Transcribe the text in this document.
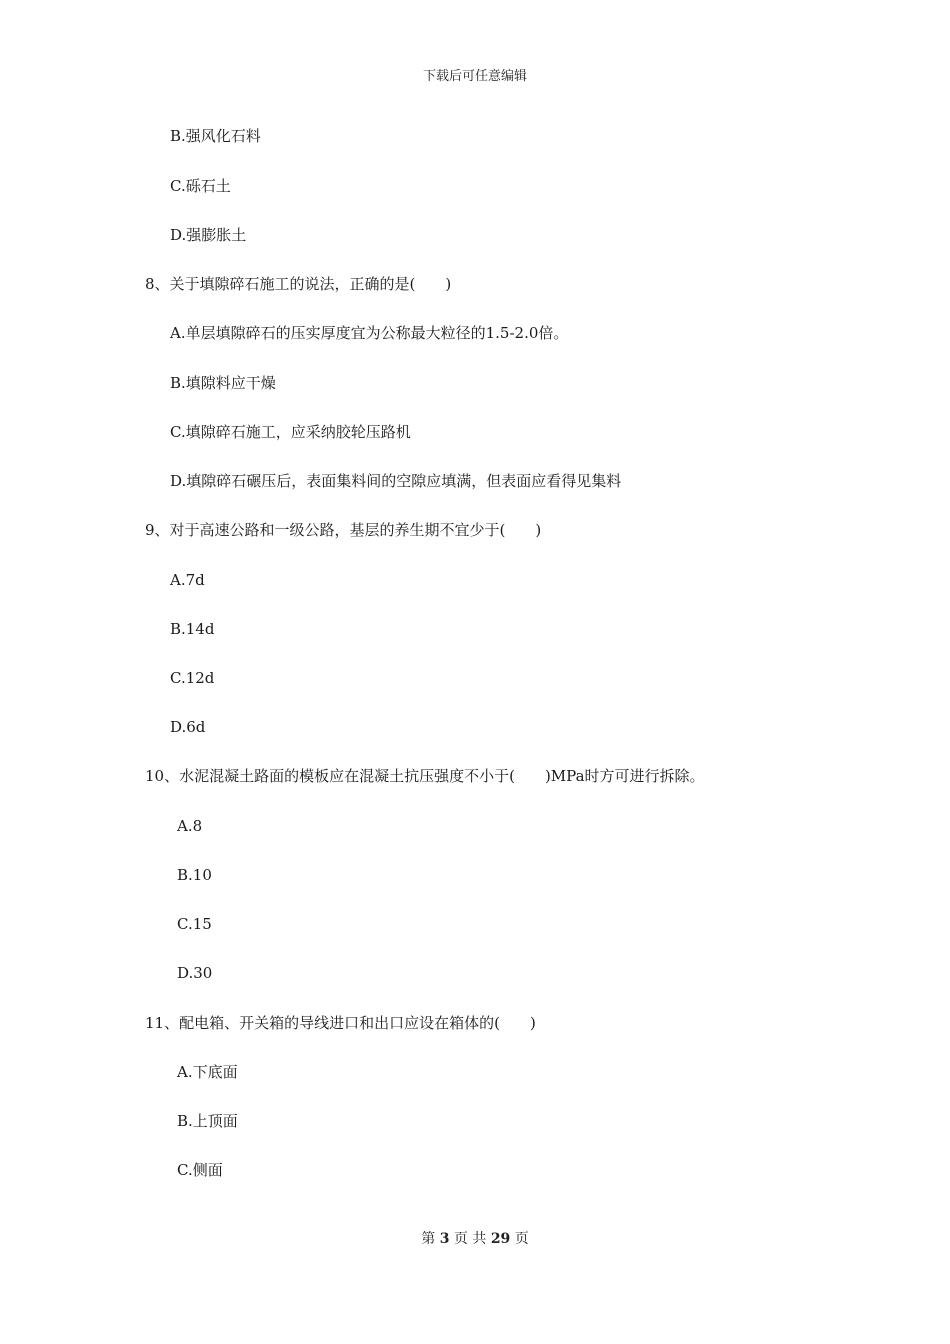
下载后可任意编辑
B.强风化石料
C.砾石土
D.强膨胀土
8、关于填隙碎石施工的说法，正确的是(　　)
A.单层填隙碎石的压实厚度宜为公称最大粒径的1.5-2.0倍。
B.填隙料应干燥
C.填隙碎石施工，应采纳胶轮压路机
D.填隙碎石碾压后，表面集料间的空隙应填满，但表面应看得见集料
9、对于高速公路和一级公路，基层的养生期不宜少于(　　)
A.7d
B.14d
C.12d
D.6d
10、水泥混凝土路面的模板应在混凝土抗压强度不小于(　　)MPa时方可进行拆除。
A.8
B.10
C.15
D.30
11、配电箱、开关箱的导线进口和出口应设在箱体的(　　)
A.下底面
B.上顶面
C.侧面
第 3 页 共 29 页
